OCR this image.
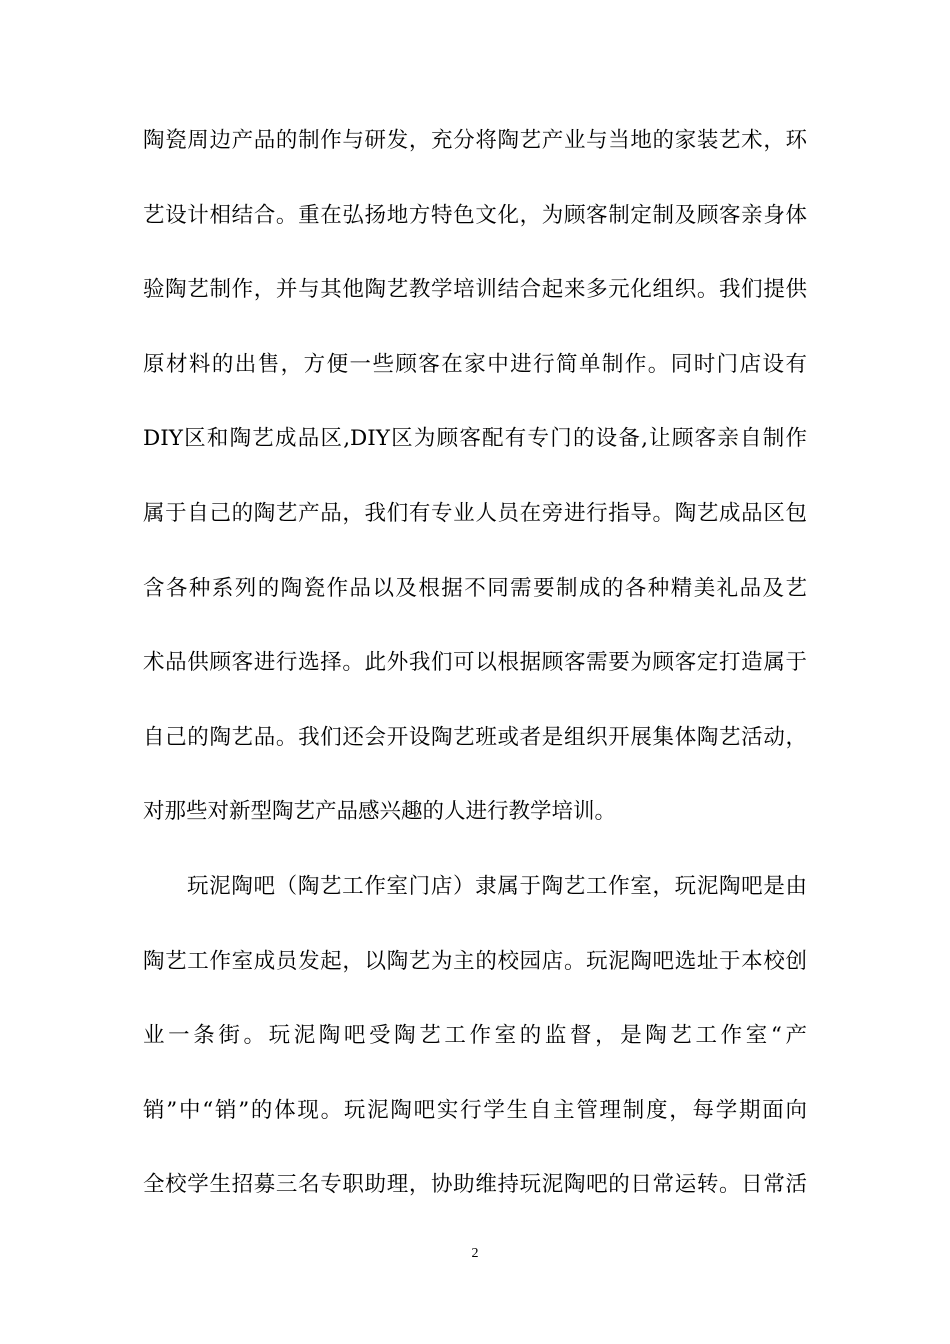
陶瓷周边产品的制作与研发，充分将陶艺产业与当地的家装艺术，环
艺设计相结合。重在弘扬地方特色文化，为顾客制定制及顾客亲身体
验陶艺制作，并与其他陶艺教学培训结合起来多元化组织。我们提供
原材料的出售，方便一些顾客在家中进行简单制作。同时门店设有
DIY区和陶艺成品区,DIY区为顾客配有专门的设备,让顾客亲自制作
属于自己的陶艺产品，我们有专业人员在旁进行指导。陶艺成品区包
含各种系列的陶瓷作品以及根据不同需要制成的各种精美礼品及艺
术品供顾客进行选择。此外我们可以根据顾客需要为顾客定打造属于
自己的陶艺品。我们还会开设陶艺班或者是组织开展集体陶艺活动，
对那些对新型陶艺产品感兴趣的人进行教学培训。
玩泥陶吧（陶艺工作室门店）隶属于陶艺工作室，玩泥陶吧是由
陶艺工作室成员发起，以陶艺为主的校园店。玩泥陶吧选址于本校创
业一条街。玩泥陶吧受陶艺工作室的监督，是陶艺工作室“产
销”中“销”的体现。玩泥陶吧实行学生自主管理制度，每学期面向
全校学生招募三名专职助理，协助维持玩泥陶吧的日常运转。日常活
2
